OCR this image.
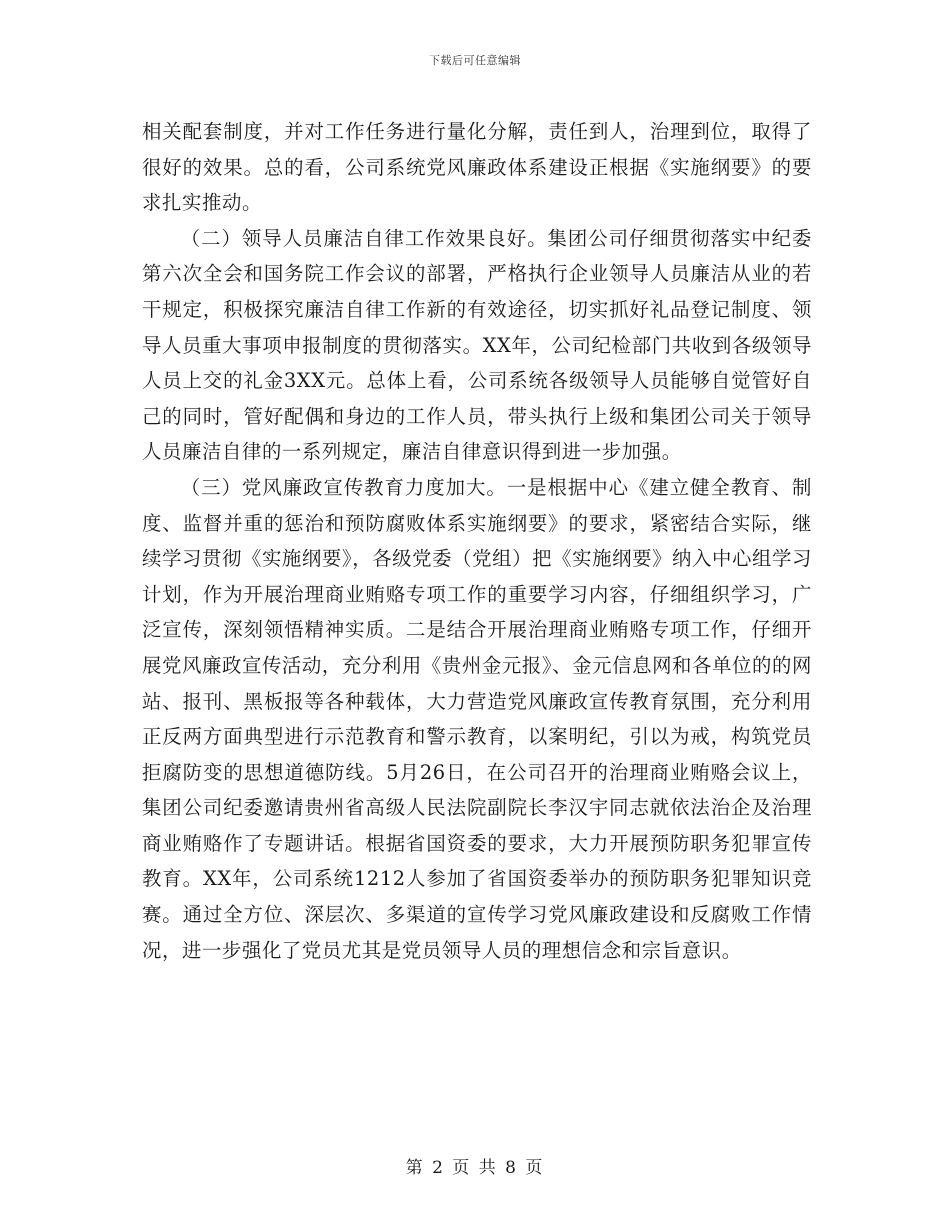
下载后可任意编辑

相关配套制度，并对工作任务进行量化分解，责任到人，治理到位，取得了很好的效果。总的看，公司系统党风廉政体系建设正根据《实施纲要》的要求扎实推动。

（二）领导人员廉洁自律工作效果良好。集团公司仔细贯彻落实中纪委第六次全会和国务院工作会议的部署，严格执行企业领导人员廉洁从业的若干规定，积极探究廉洁自律工作新的有效途径，切实抓好礼品登记制度、领导人员重大事项申报制度的贯彻落实。XX年，公司纪检部门共收到各级领导人员上交的礼金3XX元。总体上看，公司系统各级领导人员能够自觉管好自己的同时，管好配偶和身边的工作人员，带头执行上级和集团公司关于领导人员廉洁自律的一系列规定，廉洁自律意识得到进一步加强。

（三）党风廉政宣传教育力度加大。一是根据中心《建立健全教育、制度、监督并重的惩治和预防腐败体系实施纲要》的要求，紧密结合实际，继续学习贯彻《实施纲要》，各级党委（党组）把《实施纲要》纳入中心组学习计划，作为开展治理商业贿赂专项工作的重要学习内容，仔细组织学习，广泛宣传，深刻领悟精神实质。二是结合开展治理商业贿赂专项工作，仔细开展党风廉政宣传活动，充分利用《贵州金元报》、金元信息网和各单位的的网站、报刊、黑板报等各种载体，大力营造党风廉政宣传教育氛围，充分利用正反两方面典型进行示范教育和警示教育，以案明纪，引以为戒，构筑党员拒腐防变的思想道德防线。5月26日，在公司召开的治理商业贿赂会议上，集团公司纪委邀请贵州省高级人民法院副院长李汉宇同志就依法治企及治理商业贿赂作了专题讲话。根据省国资委的要求，大力开展预防职务犯罪宣传教育。XX年，公司系统1212人参加了省国资委举办的预防职务犯罪知识竞赛。通过全方位、深层次、多渠道的宣传学习党风廉政建设和反腐败工作情况，进一步强化了党员尤其是党员领导人员的理想信念和宗旨意识。

第 2 页 共 8 页
